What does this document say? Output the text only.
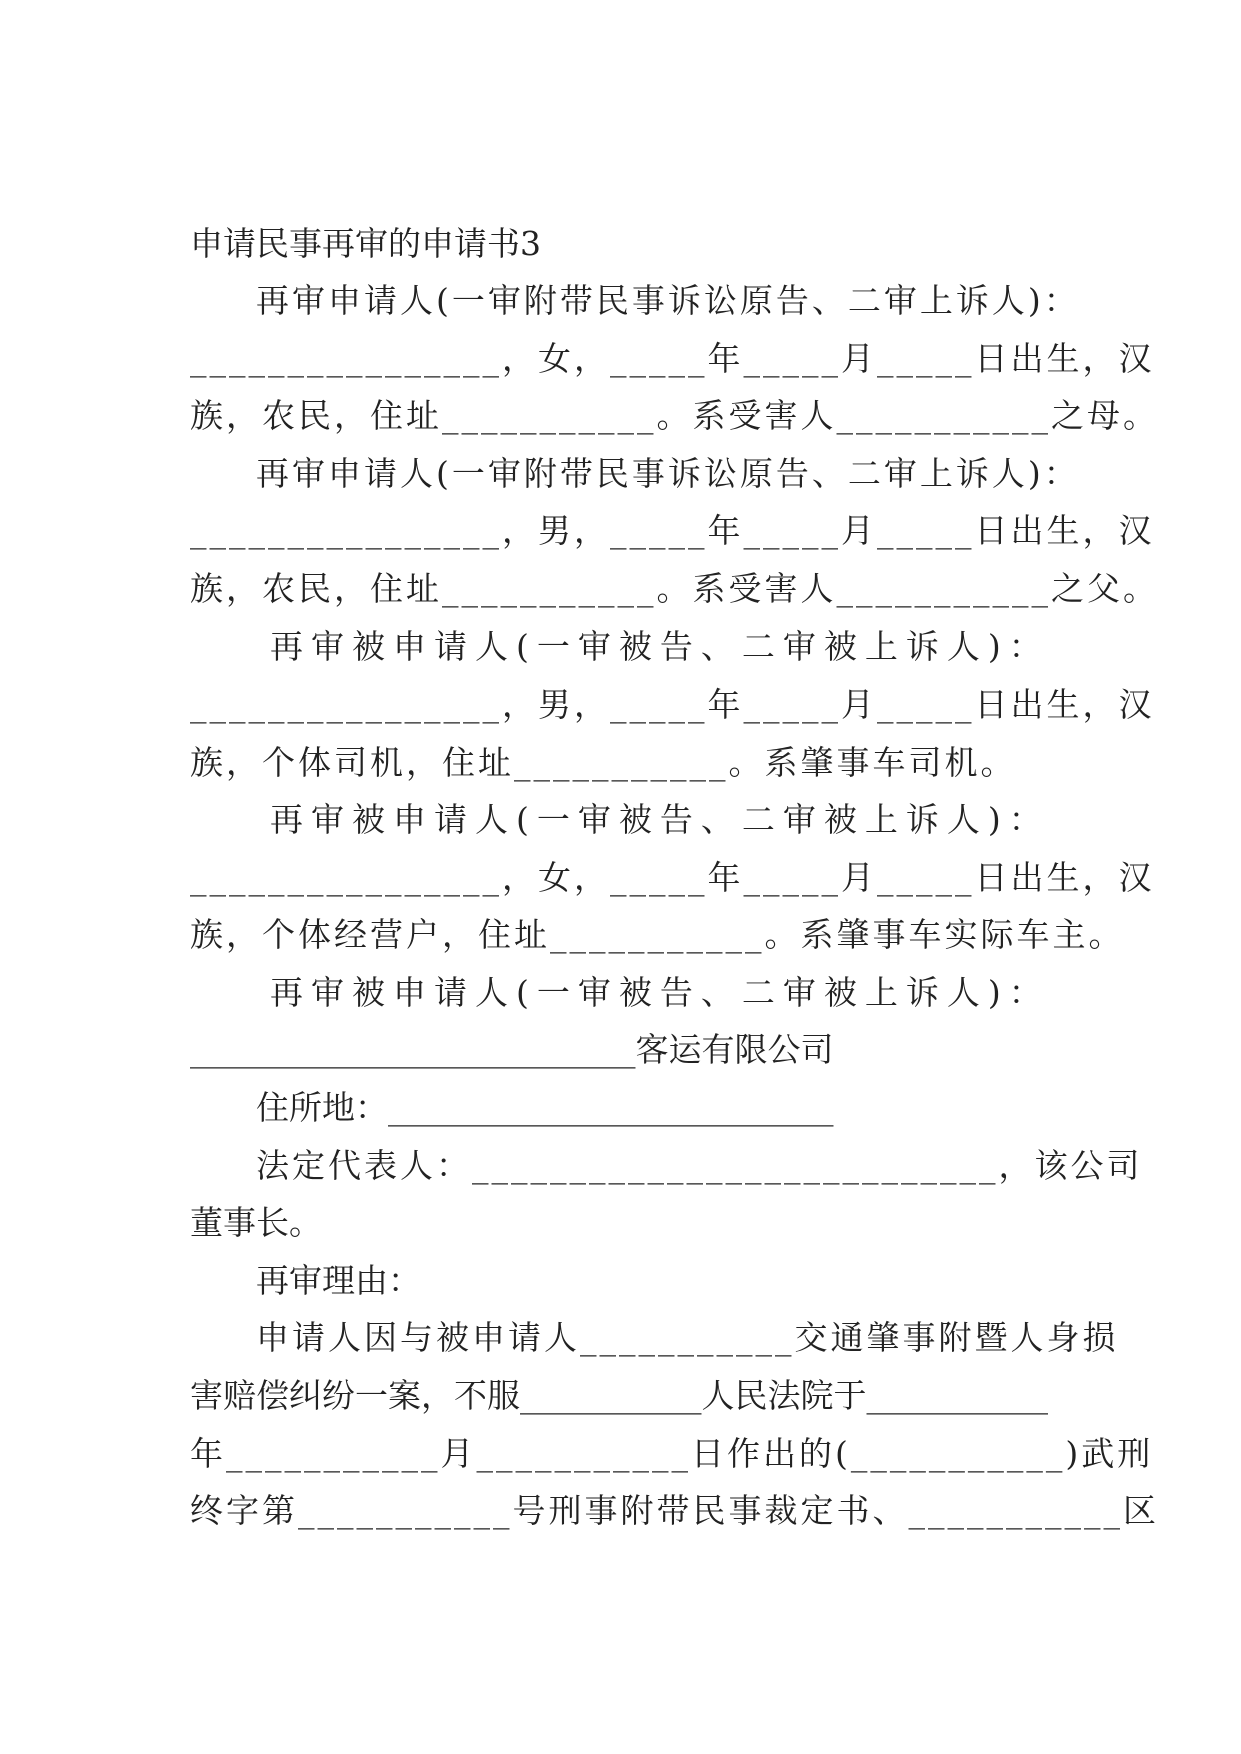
申请民事再审的申请书3
再审申请人(一审附带民事诉讼原告、二审上诉人)：
________________，女，_____年_____月_____日出生，汉
族，农民，住址___________。系受害人___________之母。
再审申请人(一审附带民事诉讼原告、二审上诉人)：
________________，男，_____年_____月_____日出生，汉
族，农民，住址___________。系受害人___________之父。
再审被申请人(一审被告、二审被上诉人)：
________________，男，_____年_____月_____日出生，汉
族，个体司机，住址___________。系肇事车司机。
再审被申请人(一审被告、二审被上诉人)：
________________，女，_____年_____月_____日出生，汉
族，个体经营户，住址___________。系肇事车实际车主。
再审被申请人(一审被告、二审被上诉人)：
___________________________客运有限公司
住所地：___________________________
法定代表人：___________________________，该公司
董事长。
再审理由：
申请人因与被申请人___________交通肇事附暨人身损
害赔偿纠纷一案，不服___________人民法院于___________
年___________月___________日作出的(___________)武刑
终字第___________号刑事附带民事裁定书、___________区
